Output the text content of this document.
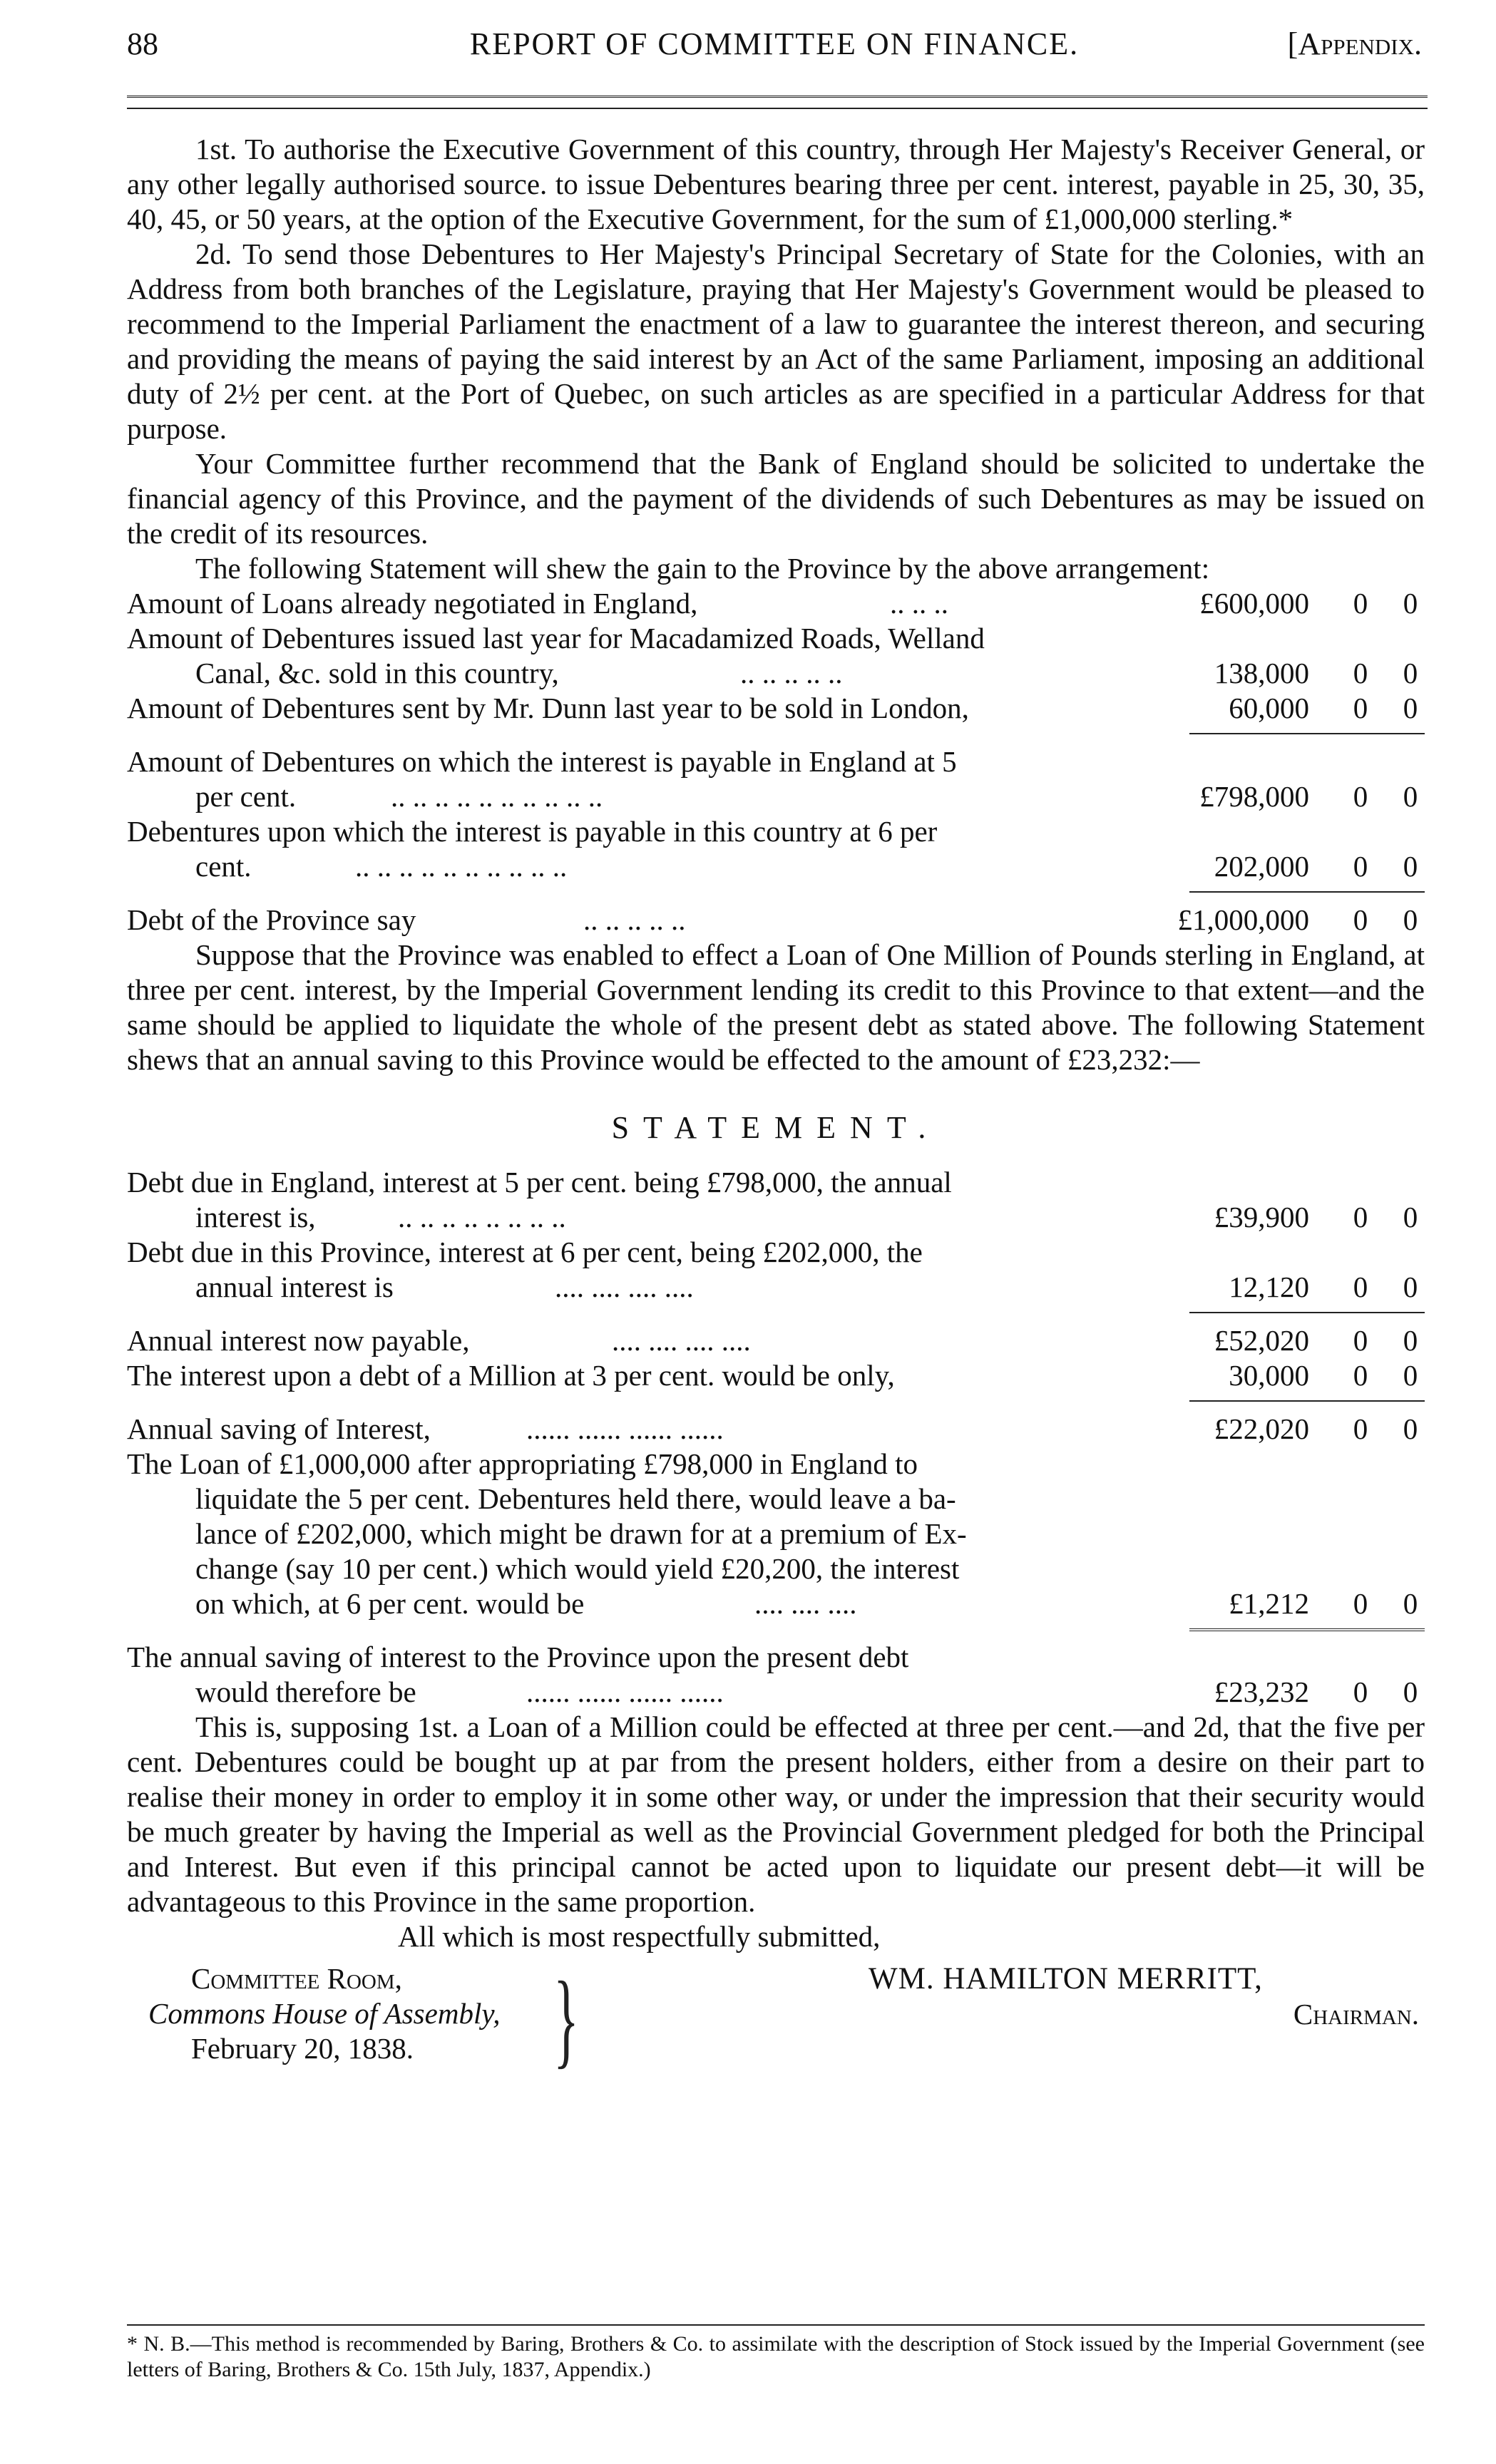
88	REPORT OF COMMITTEE ON FINANCE.	[Appendix.

1st. To authorise the Executive Government of this country, through Her Majesty's Receiver General, or any other legally authorised source. to issue Debentures bearing three per cent. interest, payable in 25, 30, 35, 40, 45, or 50 years, at the option of the Executive Government, for the sum of £1,000,000 sterling.*

2d. To send those Debentures to Her Majesty's Principal Secretary of State for the Colonies, with an Address from both branches of the Legislature, praying that Her Majesty's Government would be pleased to recommend to the Imperial Parliament the enactment of a law to guarantee the interest thereon, and securing and providing the means of paying the said interest by an Act of the same Parliament, imposing an additional duty of 2½ per cent. at the Port of Quebec, on such articles as are specified in a particular Address for that purpose.

Your Committee further recommend that the Bank of England should be solicited to undertake the financial agency of this Province, and the payment of the dividends of such Debentures as may be issued on the credit of its resources.

The following Statement will shew the gain to the Province by the above arrangement:

Amount of Loans already negotiated in England,	.. .. ..	£600,000 0 0
Amount of Debentures issued last year for Macadamized Roads, Welland
Canal, &c. sold in this country,	.. .. .. .. ..	138,000 0 0
Amount of Debentures sent by Mr. Dunn last year to be sold in London,	60,000 0 0
Amount of Debentures on which the interest is payable in England at 5
per cent.	.. .. .. .. .. .. .. .. .. ..	£798,000 0 0
Debentures upon which the interest is payable in this country at 6 per
cent.	.. .. .. .. .. .. .. .. .. ..	202,000 0 0
Debt of the Province say	.. .. .. .. ..	£1,000,000 0 0

Suppose that the Province was enabled to effect a Loan of One Million of Pounds sterling in England, at three per cent. interest, by the Imperial Government lending its credit to this Province to that extent—and the same should be applied to liquidate the whole of the present debt as stated above. The following Statement shews that an annual saving to this Province would be effected to the amount of £23,232:—

STATEMENT.
Debt due in England, interest at 5 per cent. being £798,000, the annual
interest is,	.. .. .. .. .. .. .. ..	£39,900 0 0
Debt due in this Province, interest at 6 per cent, being £202,000, the
annual interest is	.... .... .... ....	12,120 0 0
Annual interest now payable,	.... .... .... ....	£52,020 0 0
The interest upon a debt of a Million at 3 per cent. would be only,	30,000 0 0
Annual saving of Interest,	...... ...... ...... ......	£22,020 0 0
The Loan of £1,000,000 after appropriating £798,000 in England to
liquidate the 5 per cent. Debentures held there, would leave a ba-
lance of £202,000, which might be drawn for at a premium of Ex-
change (say 10 per cent.) which would yield £20,200, the interest
on which, at 6 per cent. would be	.... .... ....	£1,212 0 0
The annual saving of interest to the Province upon the present debt
would therefore be	...... ...... ...... ......	£23,232 0 0

This is, supposing 1st. a Loan of a Million could be effected at three per cent.—and 2d, that the five per cent. Debentures could be bought up at par from the present holders, either from a desire on their part to realise their money in order to employ it in some other way, or under the impression that their security would be much greater by having the Imperial as well as the Provincial Government pledged for both the Principal and Interest. But even if this principal cannot be acted upon to liquidate our present debt—it will be advantageous to this Province in the same proportion.

All which is most respectfully submitted,

Committee Room,
Commons House of Assembly,
February 20, 1838.	}	WM. HAMILTON MERRITT,
Chairman.
* N. B.—This method is recommended by Baring, Brothers & Co. to assimilate with the description of Stock issued by the Imperial Government (see letters of Baring, Brothers & Co. 15th July, 1837, Appendix.)
